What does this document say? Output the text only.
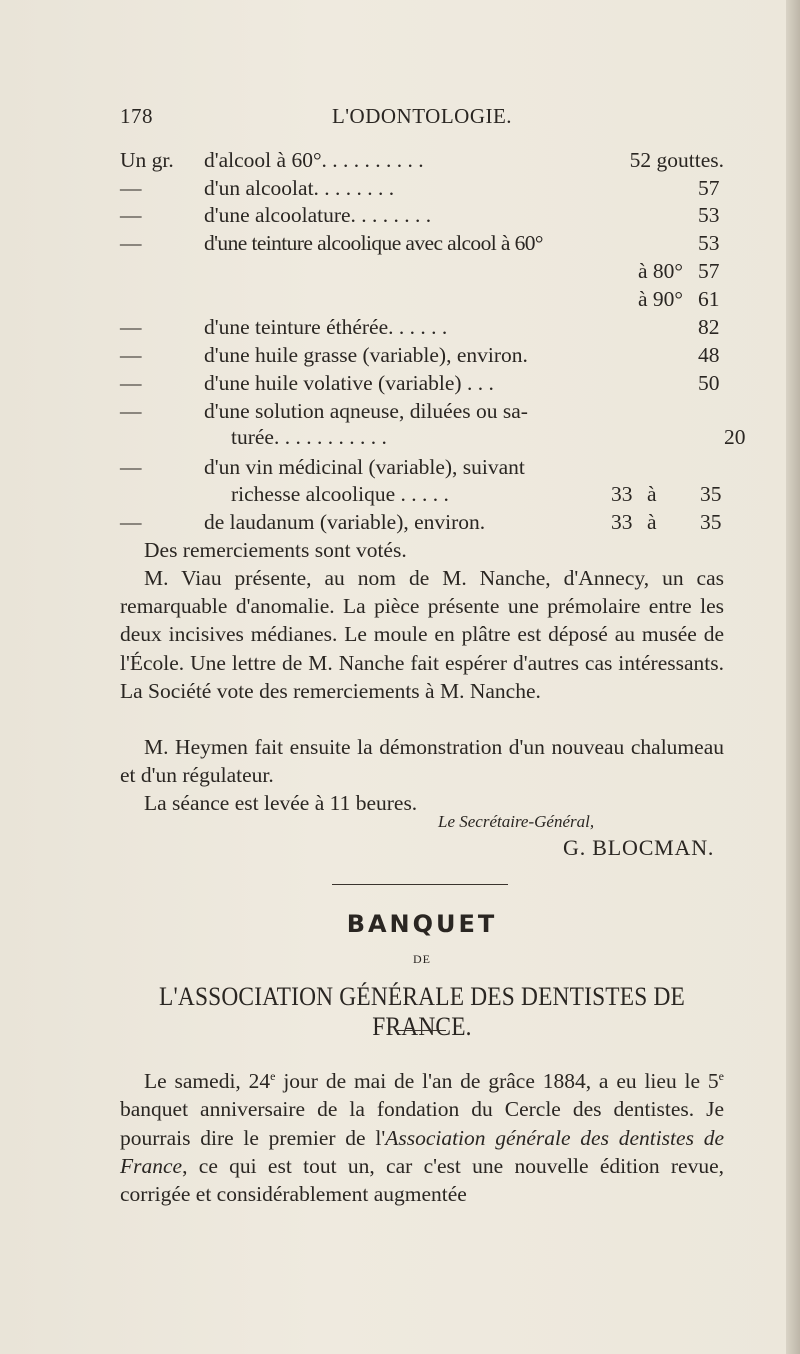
178	L'ODONTOLOGIE.
Un gr. d'alcool à 60°. . . . . . . . . .	52 gouttes.
—	d'un alcoolat. . . . . . . .	57
—	d'une alcoolature. . . . . . . .	53
—	d'une teinture alcoolique avec alcool à 60°	53
à 80° 57
à 90° 61
—	d'une teinture éthérée. . . . . .	82
—	d'une huile grasse (variable), environ.	48
—	d'une huile volative (variable) . . .	50
—	d'une solution aqneuse, diluées ou sa-
turée. . . . . . . . . . .	20
—	d'un vin médicinal (variable), suivant
richesse alcoolique . . . . .	33 à 35
—	de laudanum (variable), environ.	33 à 35
Des remerciements sont votés.
M. Viau présente, au nom de M. Nanche, d'Annecy, un cas remarquable d'anomalie. La pièce présente une prémolaire entre les deux incisives médianes. Le moule en plâtre est déposé au musée de l'École. Une lettre de M. Nanche fait espérer d'autres cas intéressants. La Société vote des remerciements à M. Nanche.
M. Heymen fait ensuite la démonstration d'un nouveau chalumeau et d'un régulateur.
La séance est levée à 11 beures.
Le Secrétaire-Général,
G. BLOCMAN.
BANQUET
DE
L'ASSOCIATION GÉNÉRALE DES DENTISTES DE FRANCE.
Le samedi, 24e jour de mai de l'an de grâce 1884, a eu lieu le 5e banquet anniversaire de la fondation du Cercle des dentistes. Je pourrais dire le premier de l'Association générale des dentistes de France, ce qui est tout un, car c'est une nouvelle édition revue, corrigée et considérablement augmentée
